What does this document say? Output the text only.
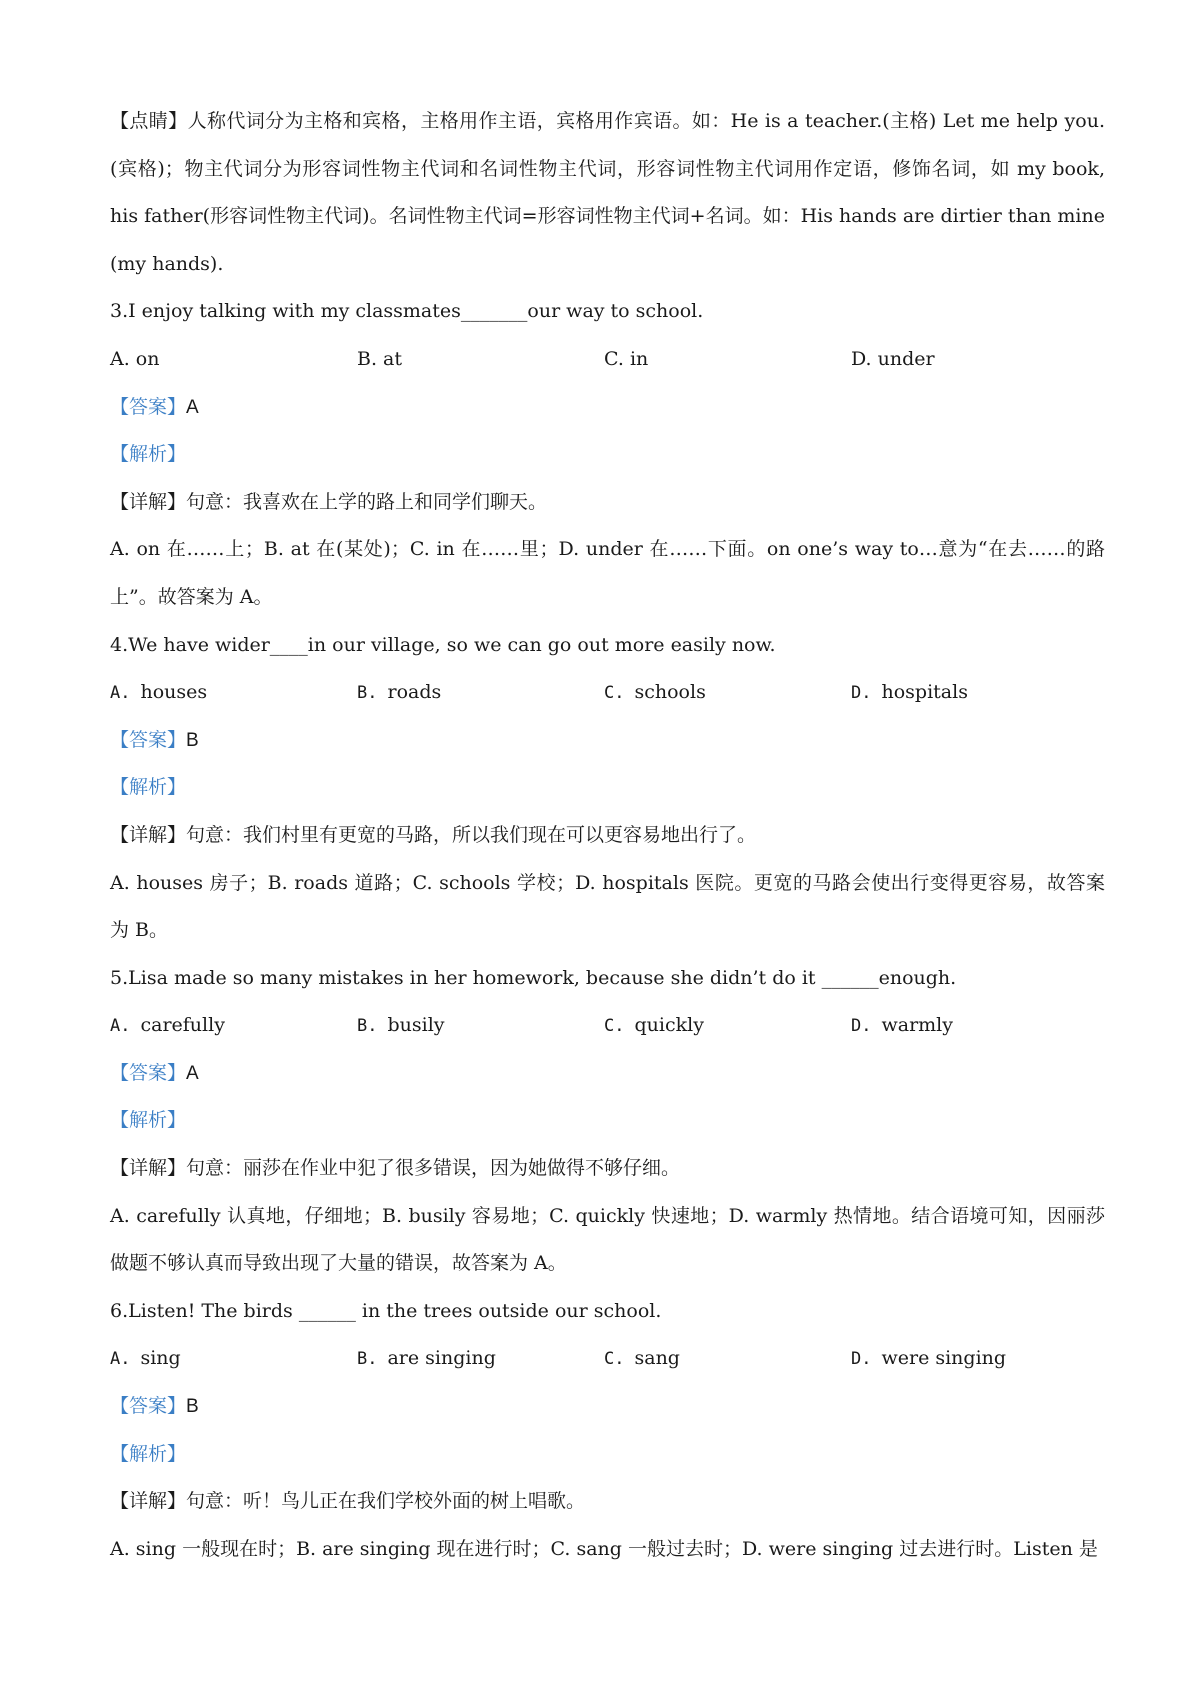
【点睛】人称代词分为主格和宾格，主格用作主语，宾格用作宾语。如：He is a teacher.(主格) Let me help you.(宾格)；物主代词分为形容词性物主代词和名词性物主代词，形容词性物主代词用作定语，修饰名词，如 my book, his father(形容词性物主代词)。名词性物主代词=形容词性物主代词+名词。如：His hands are dirtier than mine (my hands).
3.I enjoy talking with my classmates_______our way to school.
A. on	B. at	C. in	D. under
【答案】A
【解析】
【详解】句意：我喜欢在上学的路上和同学们聊天。
A. on 在……上；B. at 在(某处)；C. in 在……里；D. under 在……下面。on one’s way to…意为“在去……的路上”。故答案为 A。
4.We have wider____in our village, so we can go out more easily now.
A. houses	B. roads	C. schools	D. hospitals
【答案】B
【解析】
【详解】句意：我们村里有更宽的马路，所以我们现在可以更容易地出行了。
A. houses 房子；B. roads 道路；C. schools 学校；D. hospitals 医院。更宽的马路会使出行变得更容易，故答案为 B。
5.Lisa made so many mistakes in her homework, because she didn’t do it ______enough.
A. carefully	B. busily	C. quickly	D. warmly
【答案】A
【解析】
【详解】句意：丽莎在作业中犯了很多错误，因为她做得不够仔细。
A. carefully 认真地，仔细地；B. busily 容易地；C. quickly 快速地；D. warmly 热情地。结合语境可知，因丽莎做题不够认真而导致出现了大量的错误，故答案为 A。
6.Listen! The birds ______ in the trees outside our school.
A. sing	B. are singing	C. sang	D. were singing
【答案】B
【解析】
【详解】句意：听！鸟儿正在我们学校外面的树上唱歌。
A. sing 一般现在时；B. are singing 现在进行时；C. sang 一般过去时；D. were singing 过去进行时。Listen 是
